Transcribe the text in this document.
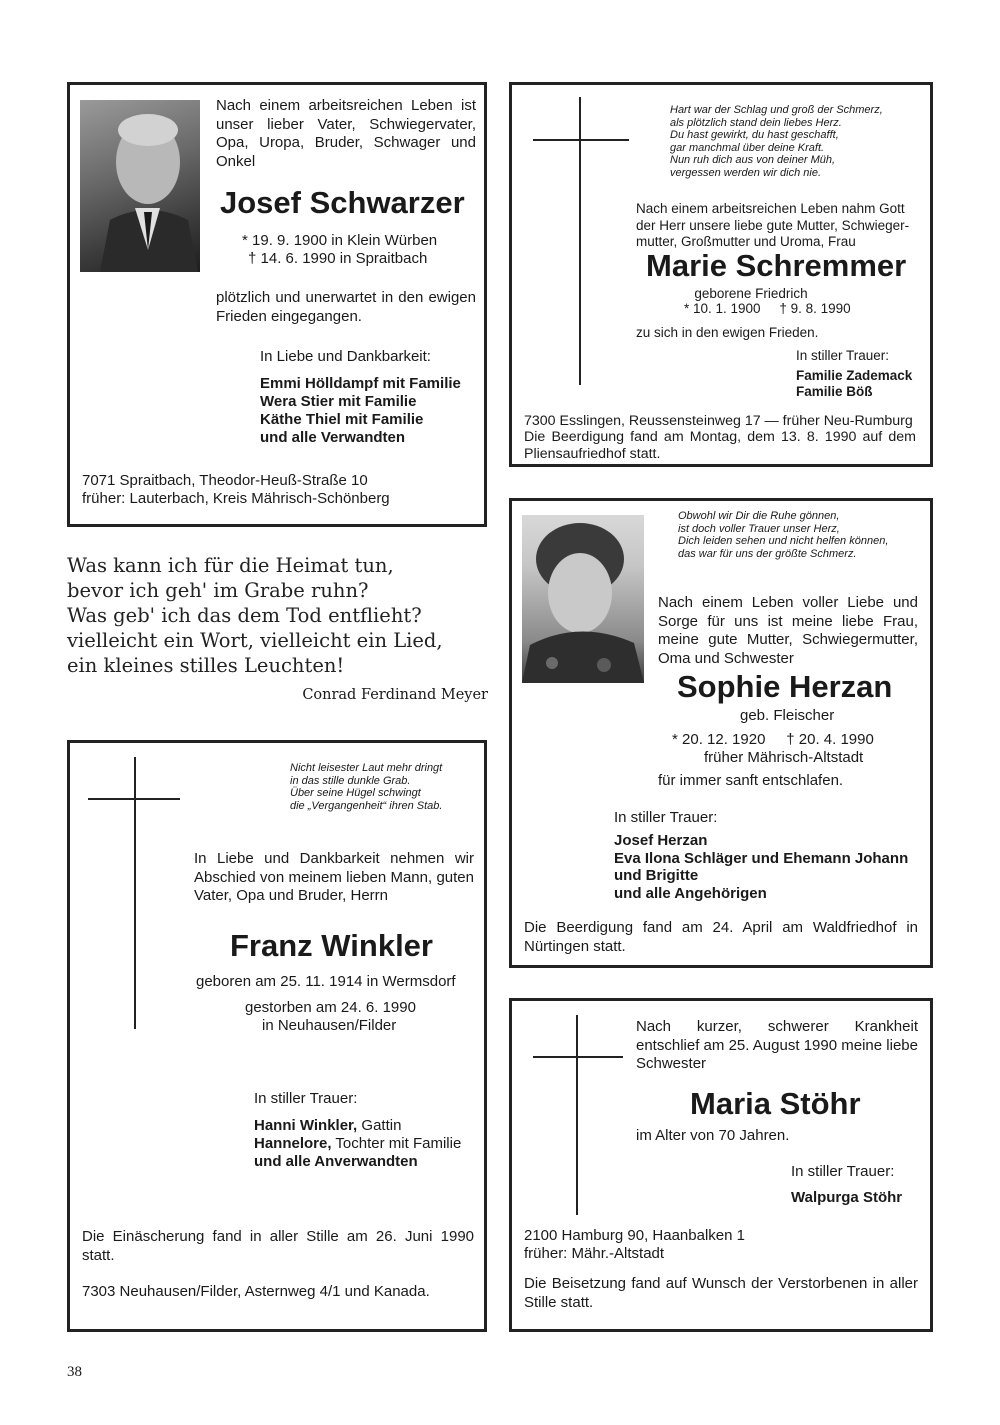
Nach einem arbeitsreichen Leben ist unser lieber Vater, Schwiegervater, Opa, Uropa, Bruder, Schwager und Onkel
Josef Schwarzer
* 19. 9. 1900 in Klein Würben
† 14. 6. 1990 in Spraitbach
plötzlich und unerwartet in den ewigen Frieden eingegangen.
In Liebe und Dankbarkeit:
Emmi Hölldampf mit Familie
Wera Stier mit Familie
Käthe Thiel mit Familie
und alle Verwandten
7071 Spraitbach, Theodor-Heuß-Straße 10
früher: Lauterbach, Kreis Mährisch-Schönberg
Hart war der Schlag und groß der Schmerz,
als plötzlich stand dein liebes Herz.
Du hast gewirkt, du hast geschafft,
gar manchmal über deine Kraft.
Nun ruh dich aus von deiner Müh,
vergessen werden wir dich nie.
Nach einem arbeitsreichen Leben nahm Gott
der Herr unsere liebe gute Mutter, Schwieger-
mutter, Großmutter und Uroma, Frau
Marie Schremmer
geborene Friedrich
* 10. 1. 1900     † 9. 8. 1990
zu sich in den ewigen Frieden.
In stiller Trauer:
Familie Zademack
Familie Böß
7300 Esslingen, Reussensteinweg 17 — früher Neu-Rumburg
Die Beerdigung fand am Montag, dem 13. 8. 1990 auf dem Pliensaufriedhof statt.
Was kann ich für die Heimat tun,
bevor ich geh' im Grabe ruhn?
Was geb' ich das dem Tod entflieht?
vielleicht ein Wort, vielleicht ein Lied,
ein kleines stilles Leuchten!
Conrad Ferdinand Meyer
Obwohl wir Dir die Ruhe gönnen,
ist doch voller Trauer unser Herz,
Dich leiden sehen und nicht helfen können,
das war für uns der größte Schmerz.
Nach einem Leben voller Liebe und Sorge für uns ist meine liebe Frau, meine gute Mutter, Schwiegermutter, Oma und Schwester
Sophie Herzan
geb. Fleischer
* 20. 12. 1920     † 20. 4. 1990
früher Mährisch-Altstadt
für immer sanft entschlafen.
In stiller Trauer:
Josef Herzan
Eva Ilona Schläger und Ehemann Johann
und Brigitte
und alle Angehörigen
Die Beerdigung fand am 24. April am Waldfriedhof in Nürtingen statt.
Nicht leisester Laut mehr dringt
in das stille dunkle Grab.
Über seine Hügel schwingt
die „Vergangenheit“ ihren Stab.
In Liebe und Dankbarkeit nehmen wir Abschied von meinem lieben Mann, guten Vater, Opa und Bruder, Herrn
Franz Winkler
geboren am 25. 11. 1914 in Wermsdorf
gestorben am 24. 6. 1990
in Neuhausen/Filder
In stiller Trauer:
Hanni Winkler, Gattin
Hannelore, Tochter mit Familie
und alle Anverwandten
Die Einäscherung fand in aller Stille am 26. Juni 1990 statt.
7303 Neuhausen/Filder, Asternweg 4/1 und Kanada.
Nach kurzer, schwerer Krankheit entschlief am 25. August 1990 meine liebe Schwester
Maria Stöhr
im Alter von 70 Jahren.
In stiller Trauer:
Walpurga Stöhr
2100 Hamburg 90, Haanbalken 1
früher: Mähr.-Altstadt
Die Beisetzung fand auf Wunsch der Verstorbenen in aller Stille statt.
38
